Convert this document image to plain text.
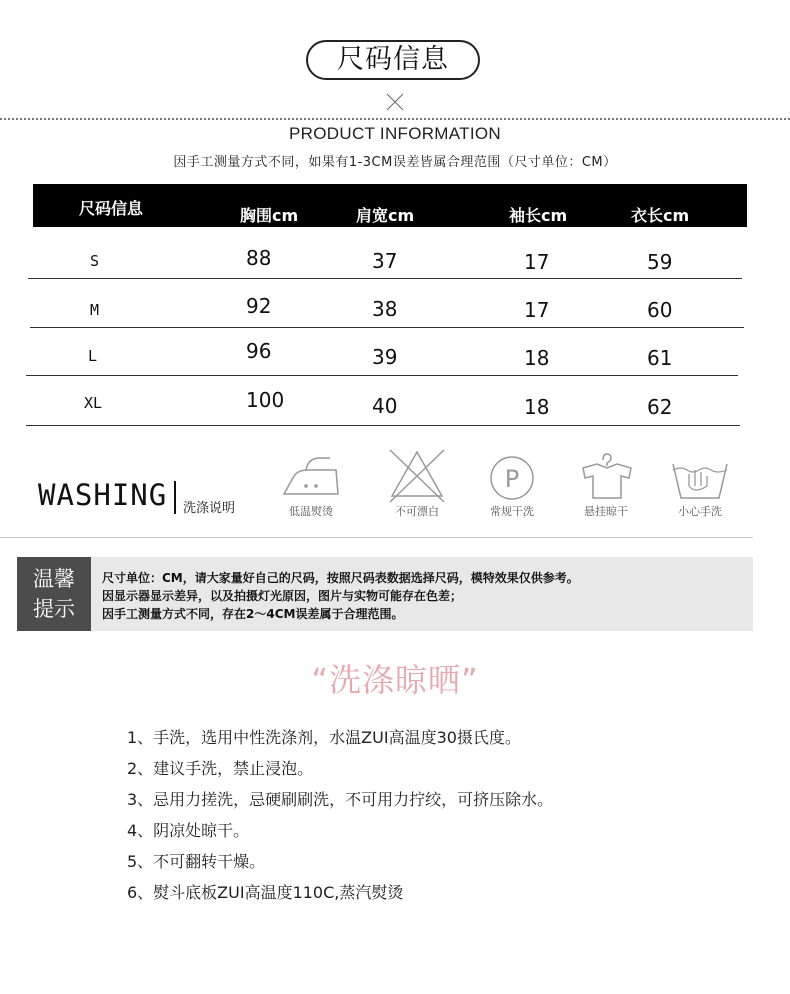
尺码信息
PRODUCT INFORMATION
因手工测量方式不同，如果有1-3CM误差皆属合理范围（尺寸单位：CM）
尺码信息	胸围cm	肩宽cm	袖长cm	衣长cm
S	88	37	17	59
M	92	38	17	60
L	96	39	18	61
XL	100	40	18	62
WASHING 洗涤说明	低温熨烫	不可漂白
P
常规干洗	悬挂晾干	小心手洗
温馨
提示
尺寸单位：CM，请大家量好自己的尺码，按照尺码表数据选择尺码，模特效果仅供参考。
因显示器显示差异，以及拍摄灯光原因，图片与实物可能存在色差；
因手工测量方式不同，存在2～4CM误差属于合理范围。
“洗涤晾晒”
1、手洗，选用中性洗涤剂，水温ZUI高温度30摄氏度。
2、建议手洗，禁止浸泡。
3、忌用力搓洗，忌硬刷刷洗，不可用力拧绞，可挤压除水。
4、阴凉处晾干。
5、不可翻转干燥。
6、熨斗底板ZUI高温度110C,蒸汽熨烫
